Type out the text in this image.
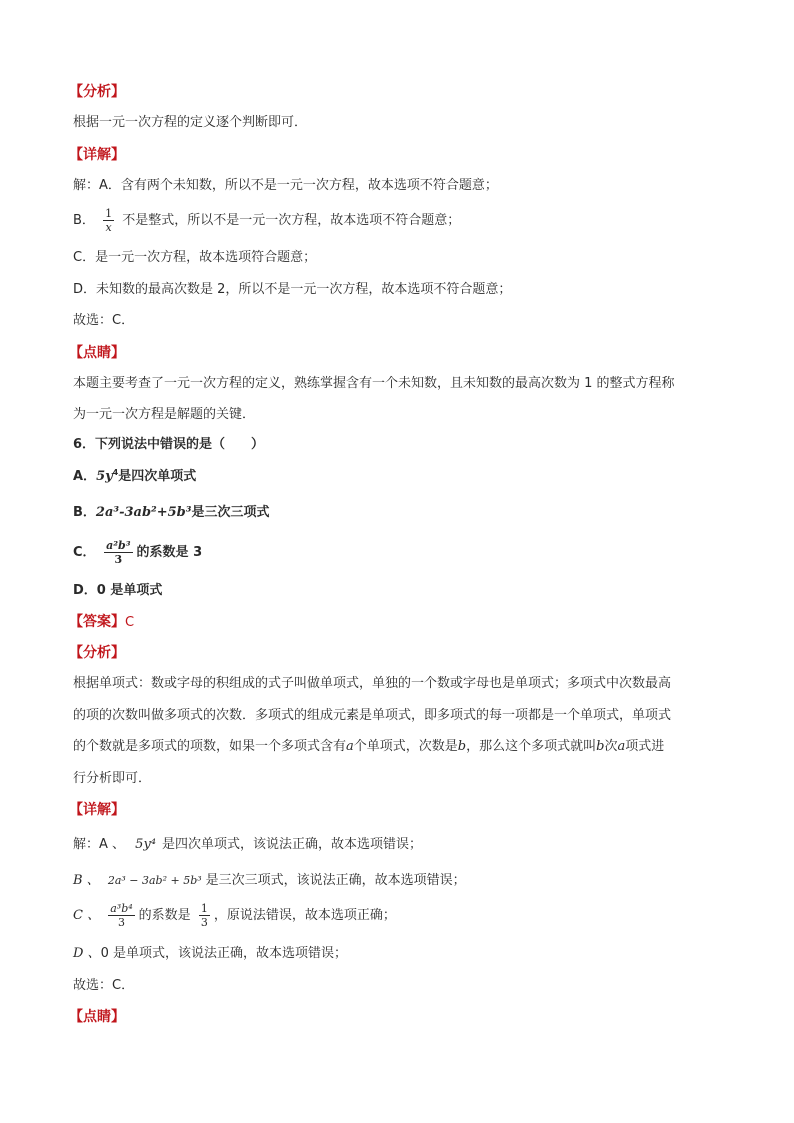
【分析】
根据一元一次方程的定义逐个判断即可．
【详解】
解：A．含有两个未知数，所以不是一元一次方程，故本选项不符合题意；
B． $\frac{1}{x}$ 不是整式，所以不是一元一次方程，故本选项不符合题意；
C．是一元一次方程，故本选项符合题意；
D．未知数的最高次数是 2，所以不是一元一次方程，故本选项不符合题意；
故选：C．
【点睛】
本题主要考查了一元一次方程的定义，熟练掌握含有一个未知数，且未知数的最高次数为 1 的整式方程称
为一元一次方程是解题的关键．
6．下列说法中错误的是（　　）
A．$5y^4$是四次单项式
B．2a³-3ab²+5b³是三次三项式
C． $\frac{\text{a²b³}}{3}$ 的系数是 3
D．0 是单项式
【答案】C
【分析】
根据单项式：数或字母的积组成的式子叫做单项式，单独的一个数或字母也是单项式；多项式中次数最高
的项的次数叫做多项式的次数．多项式的组成元素是单项式，即多项式的每一项都是一个单项式，单项式
的个数就是多项式的项数，如果一个多项式含有a个单项式，次数是b，那么这个多项式就叫b次a项式进
行分析即可．
【详解】
解：A 、 5y⁴ 是四次单项式，该说法正确，故本选项错误；
B 、 2a³ − 3ab² + 5b³ 是三次三项式，该说法正确，故本选项错误；
C 、 $\frac{\text{a³b⁴}}{3}$ 的系数是 $\frac{1}{3}$ ，原说法错误，故本选项正确；
D 、0 是单项式，该说法正确，故本选项错误；
故选：C．
【点睛】
